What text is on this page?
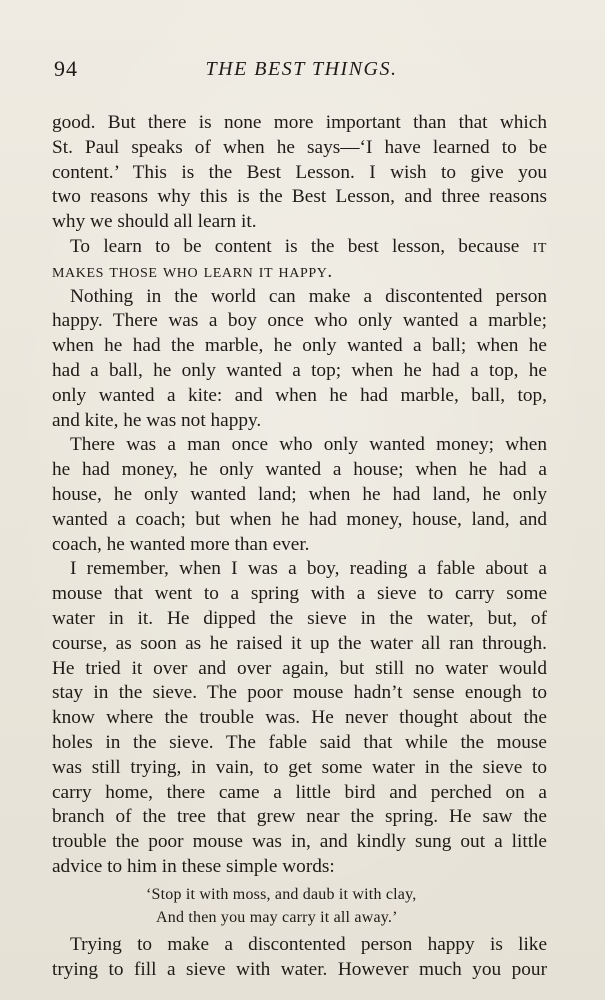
94	THE BEST THINGS.
good. But there is none more important than that which
St. Paul speaks of when he says—‘I have learned to be
content.’ This is the Best Lesson. I wish to give you
two reasons why this is the Best Lesson, and three reasons
why we should all learn it.
To learn to be content is the best lesson, because it
makes those who learn it happy.
Nothing in the world can make a discontented person
happy. There was a boy once who only wanted a marble;
when he had the marble, he only wanted a ball; when he
had a ball, he only wanted a top; when he had a top, he
only wanted a kite: and when he had marble, ball, top,
and kite, he was not happy.
There was a man once who only wanted money; when
he had money, he only wanted a house; when he had a
house, he only wanted land; when he had land, he only
wanted a coach; but when he had money, house, land, and
coach, he wanted more than ever.
I remember, when I was a boy, reading a fable about a
mouse that went to a spring with a sieve to carry some
water in it. He dipped the sieve in the water, but, of
course, as soon as he raised it up the water all ran through.
He tried it over and over again, but still no water would
stay in the sieve. The poor mouse hadn’t sense enough to
know where the trouble was. He never thought about the
holes in the sieve. The fable said that while the mouse
was still trying, in vain, to get some water in the sieve to
carry home, there came a little bird and perched on a
branch of the tree that grew near the spring. He saw the
trouble the poor mouse was in, and kindly sung out a little
advice to him in these simple words:
‘Stop it with moss, and daub it with clay,
And then you may carry it all away.’
Trying to make a discontented person happy is like
trying to fill a sieve with water. However much you pour
